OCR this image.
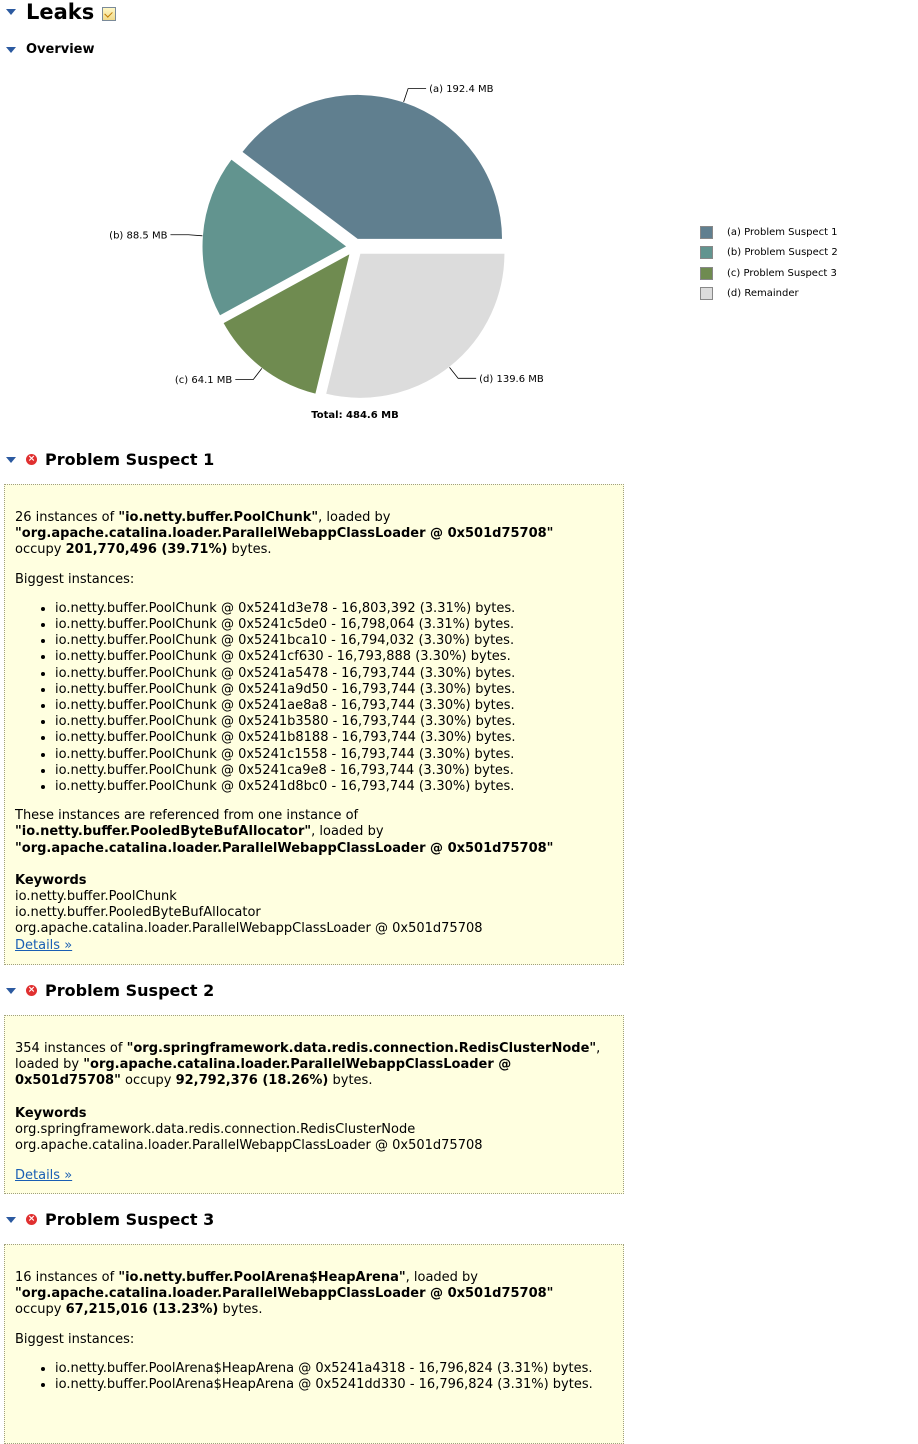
Leaks
Overview
(a) 192.4 MB
(b) 88.5 MB
(c) 64.1 MB	(d) 139.6 MB
Total: 484.6 MB
(a) Problem Suspect 1
(b) Problem Suspect 2
(c) Problem Suspect 3
(d) Remainder
× Problem Suspect 1

26 instances of "io.netty.buffer.PoolChunk", loaded by
"org.apache.catalina.loader.ParallelWebappClassLoader @ 0x501d75708"
occupy 201,770,496 (39.71%) bytes.

Biggest instances:

• io.netty.buffer.PoolChunk @ 0x5241d3e78 - 16,803,392 (3.31%) bytes.
• io.netty.buffer.PoolChunk @ 0x5241c5de0 - 16,798,064 (3.31%) bytes.
• io.netty.buffer.PoolChunk @ 0x5241bca10 - 16,794,032 (3.30%) bytes.
• io.netty.buffer.PoolChunk @ 0x5241cf630 - 16,793,888 (3.30%) bytes.
• io.netty.buffer.PoolChunk @ 0x5241a5478 - 16,793,744 (3.30%) bytes.
• io.netty.buffer.PoolChunk @ 0x5241a9d50 - 16,793,744 (3.30%) bytes.
• io.netty.buffer.PoolChunk @ 0x5241ae8a8 - 16,793,744 (3.30%) bytes.
• io.netty.buffer.PoolChunk @ 0x5241b3580 - 16,793,744 (3.30%) bytes.
• io.netty.buffer.PoolChunk @ 0x5241b8188 - 16,793,744 (3.30%) bytes.
• io.netty.buffer.PoolChunk @ 0x5241c1558 - 16,793,744 (3.30%) bytes.
• io.netty.buffer.PoolChunk @ 0x5241ca9e8 - 16,793,744 (3.30%) bytes.
• io.netty.buffer.PoolChunk @ 0x5241d8bc0 - 16,793,744 (3.30%) bytes.

These instances are referenced from one instance of
"io.netty.buffer.PooledByteBufAllocator", loaded by
"org.apache.catalina.loader.ParallelWebappClassLoader @ 0x501d75708"

Keywords

io.netty.buffer.PoolChunk
io.netty.buffer.PooledByteBufAllocator
org.apache.catalina.loader.ParallelWebappClassLoader @ 0x501d75708
Details »
× Problem Suspect 2

354 instances of "org.springframework.data.redis.connection.RedisClusterNode",
loaded by "org.apache.catalina.loader.ParallelWebappClassLoader @
0x501d75708" occupy 92,792,376 (18.26%) bytes.

Keywords

org.springframework.data.redis.connection.RedisClusterNode
org.apache.catalina.loader.ParallelWebappClassLoader @ 0x501d75708

Details »

× Problem Suspect 3

16 instances of "io.netty.buffer.PoolArena$HeapArena", loaded by
"org.apache.catalina.loader.ParallelWebappClassLoader @ 0x501d75708"
occupy 67,215,016 (13.23%) bytes.

Biggest instances:

• io.netty.buffer.PoolArena$HeapArena @ 0x5241a4318 - 16,796,824 (3.31%) bytes.
• io.netty.buffer.PoolArena$HeapArena @ 0x5241dd330 - 16,796,824 (3.31%) bytes.
